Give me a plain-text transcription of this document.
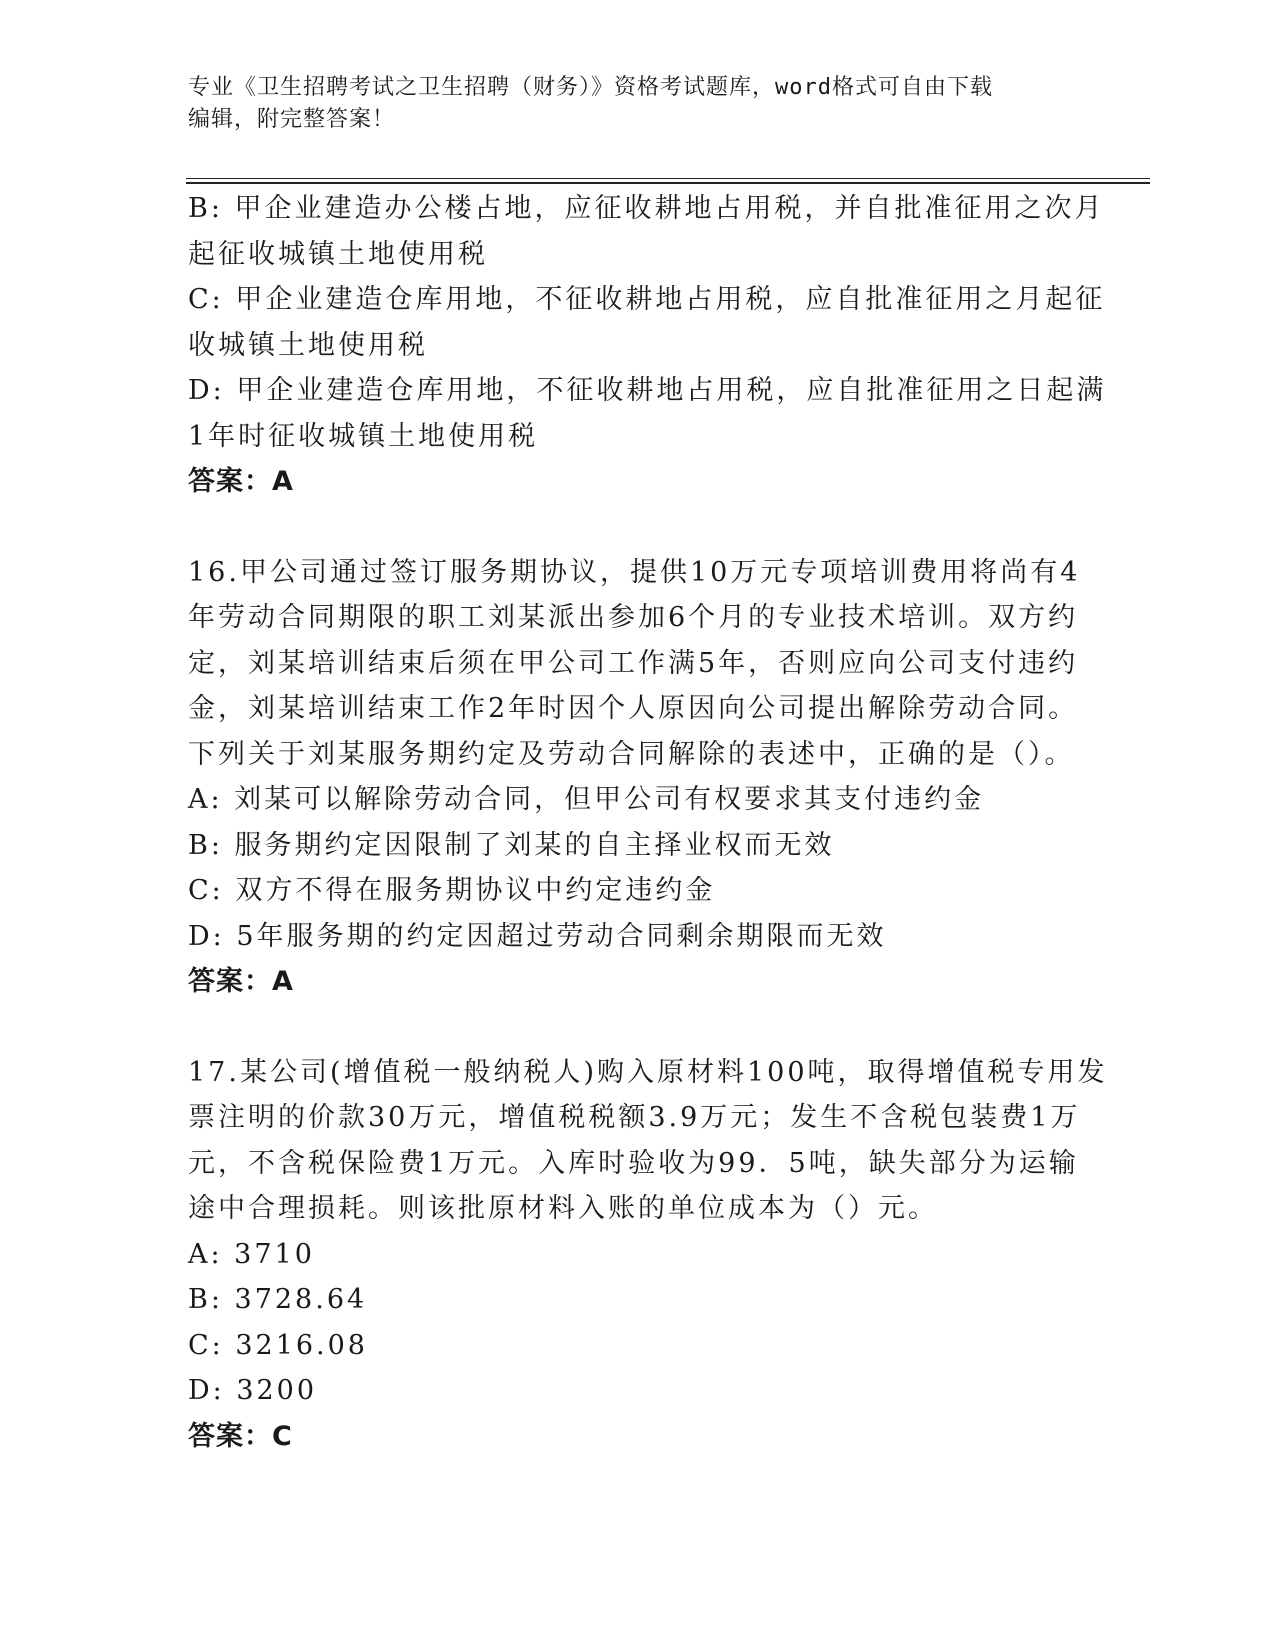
专业《卫生招聘考试之卫生招聘（财务）》资格考试题库，word格式可自由下载
编辑，附完整答案！
B: 甲企业建造办公楼占地，应征收耕地占用税，并自批准征用之次月
起征收城镇土地使用税
C: 甲企业建造仓库用地，不征收耕地占用税，应自批准征用之月起征
收城镇土地使用税
D: 甲企业建造仓库用地，不征收耕地占用税，应自批准征用之日起满
1年时征收城镇土地使用税
答案：A
16.甲公司通过签订服务期协议，提供10万元专项培训费用将尚有4
年劳动合同期限的职工刘某派出参加6个月的专业技术培训。双方约
定，刘某培训结束后须在甲公司工作满5年，否则应向公司支付违约
金，刘某培训结束工作2年时因个人原因向公司提出解除劳动合同。
下列关于刘某服务期约定及劳动合同解除的表述中，正确的是（）。
A: 刘某可以解除劳动合同，但甲公司有权要求其支付违约金
B: 服务期约定因限制了刘某的自主择业权而无效
C: 双方不得在服务期协议中约定违约金
D: 5年服务期的约定因超过劳动合同剩余期限而无效
答案：A
17.某公司(增值税一般纳税人)购入原材料100吨，取得增值税专用发
票注明的价款30万元，增值税税额3.9万元；发生不含税包装费1万
元，不含税保险费1万元。入库时验收为99．5吨，缺失部分为运输
途中合理损耗。则该批原材料入账的单位成本为（）元。
A: 3710
B: 3728.64
C: 3216.08
D: 3200
答案：C
